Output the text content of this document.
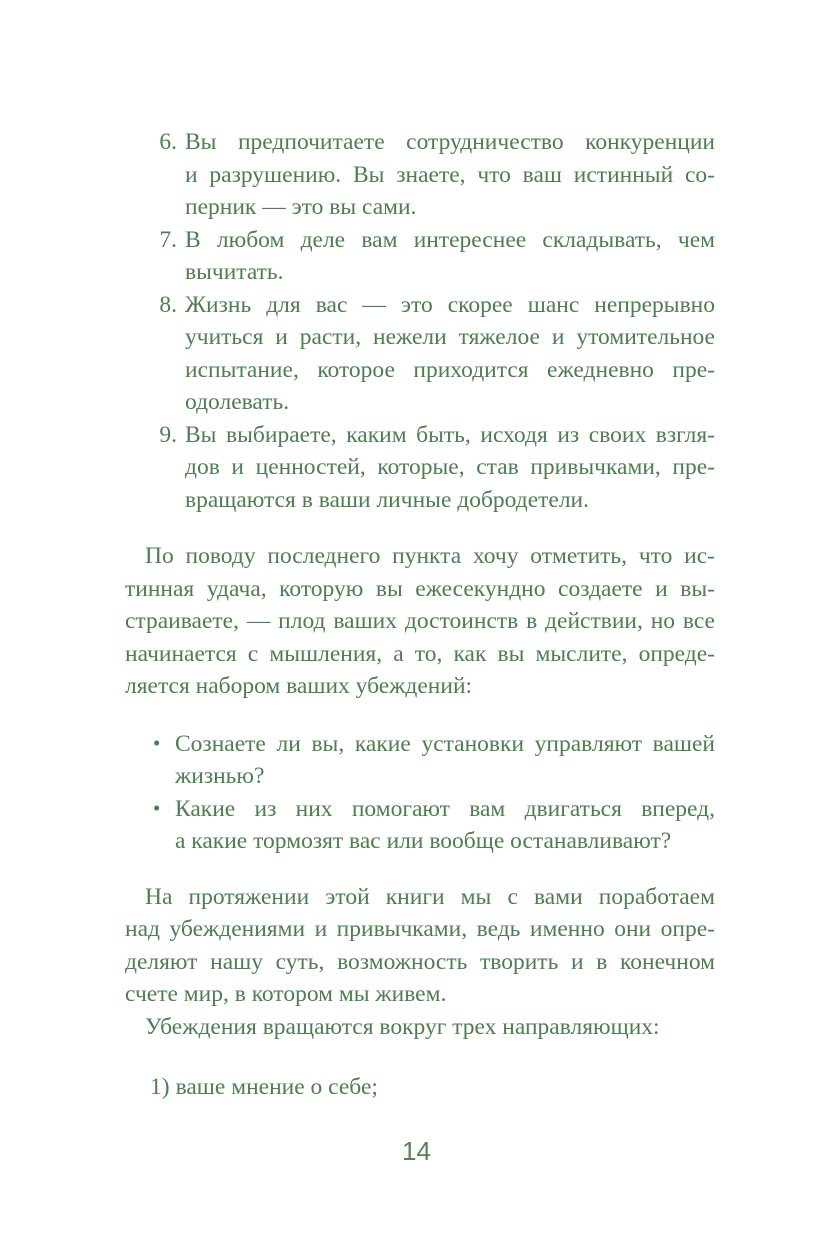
6. Вы предпочитаете сотрудничество конкуренции
и разрушению. Вы знаете, что ваш истинный со-
перник — это вы сами.
7. В любом деле вам интереснее складывать, чем
вычитать.
8. Жизнь для вас — это скорее шанс непрерывно
учиться и расти, нежели тяжелое и утомительное
испытание, которое приходится ежедневно пре-
одолевать.
9. Вы выбираете, каким быть, исходя из своих взгля-
дов и ценностей, которые, став привычками, пре-
вращаются в ваши личные добродетели.
По поводу последнего пункта хочу отметить, что ис-
тинная удача, которую вы ежесекундно создаете и вы-
страиваете, — плод ваших достоинств в действии, но все
начинается с мышления, а то, как вы мыслите, опреде-
ляется набором ваших убеждений:
• Сознаете ли вы, какие установки управляют вашей
жизнью?
• Какие из них помогают вам двигаться вперед,
а какие тормозят вас или вообще останавливают?
На протяжении этой книги мы с вами поработаем
над убеждениями и привычками, ведь именно они опре-
деляют нашу суть, возможность творить и в конечном
счете мир, в котором мы живем.
Убеждения вращаются вокруг трех направляющих:
1) ваше мнение о себе;
14
